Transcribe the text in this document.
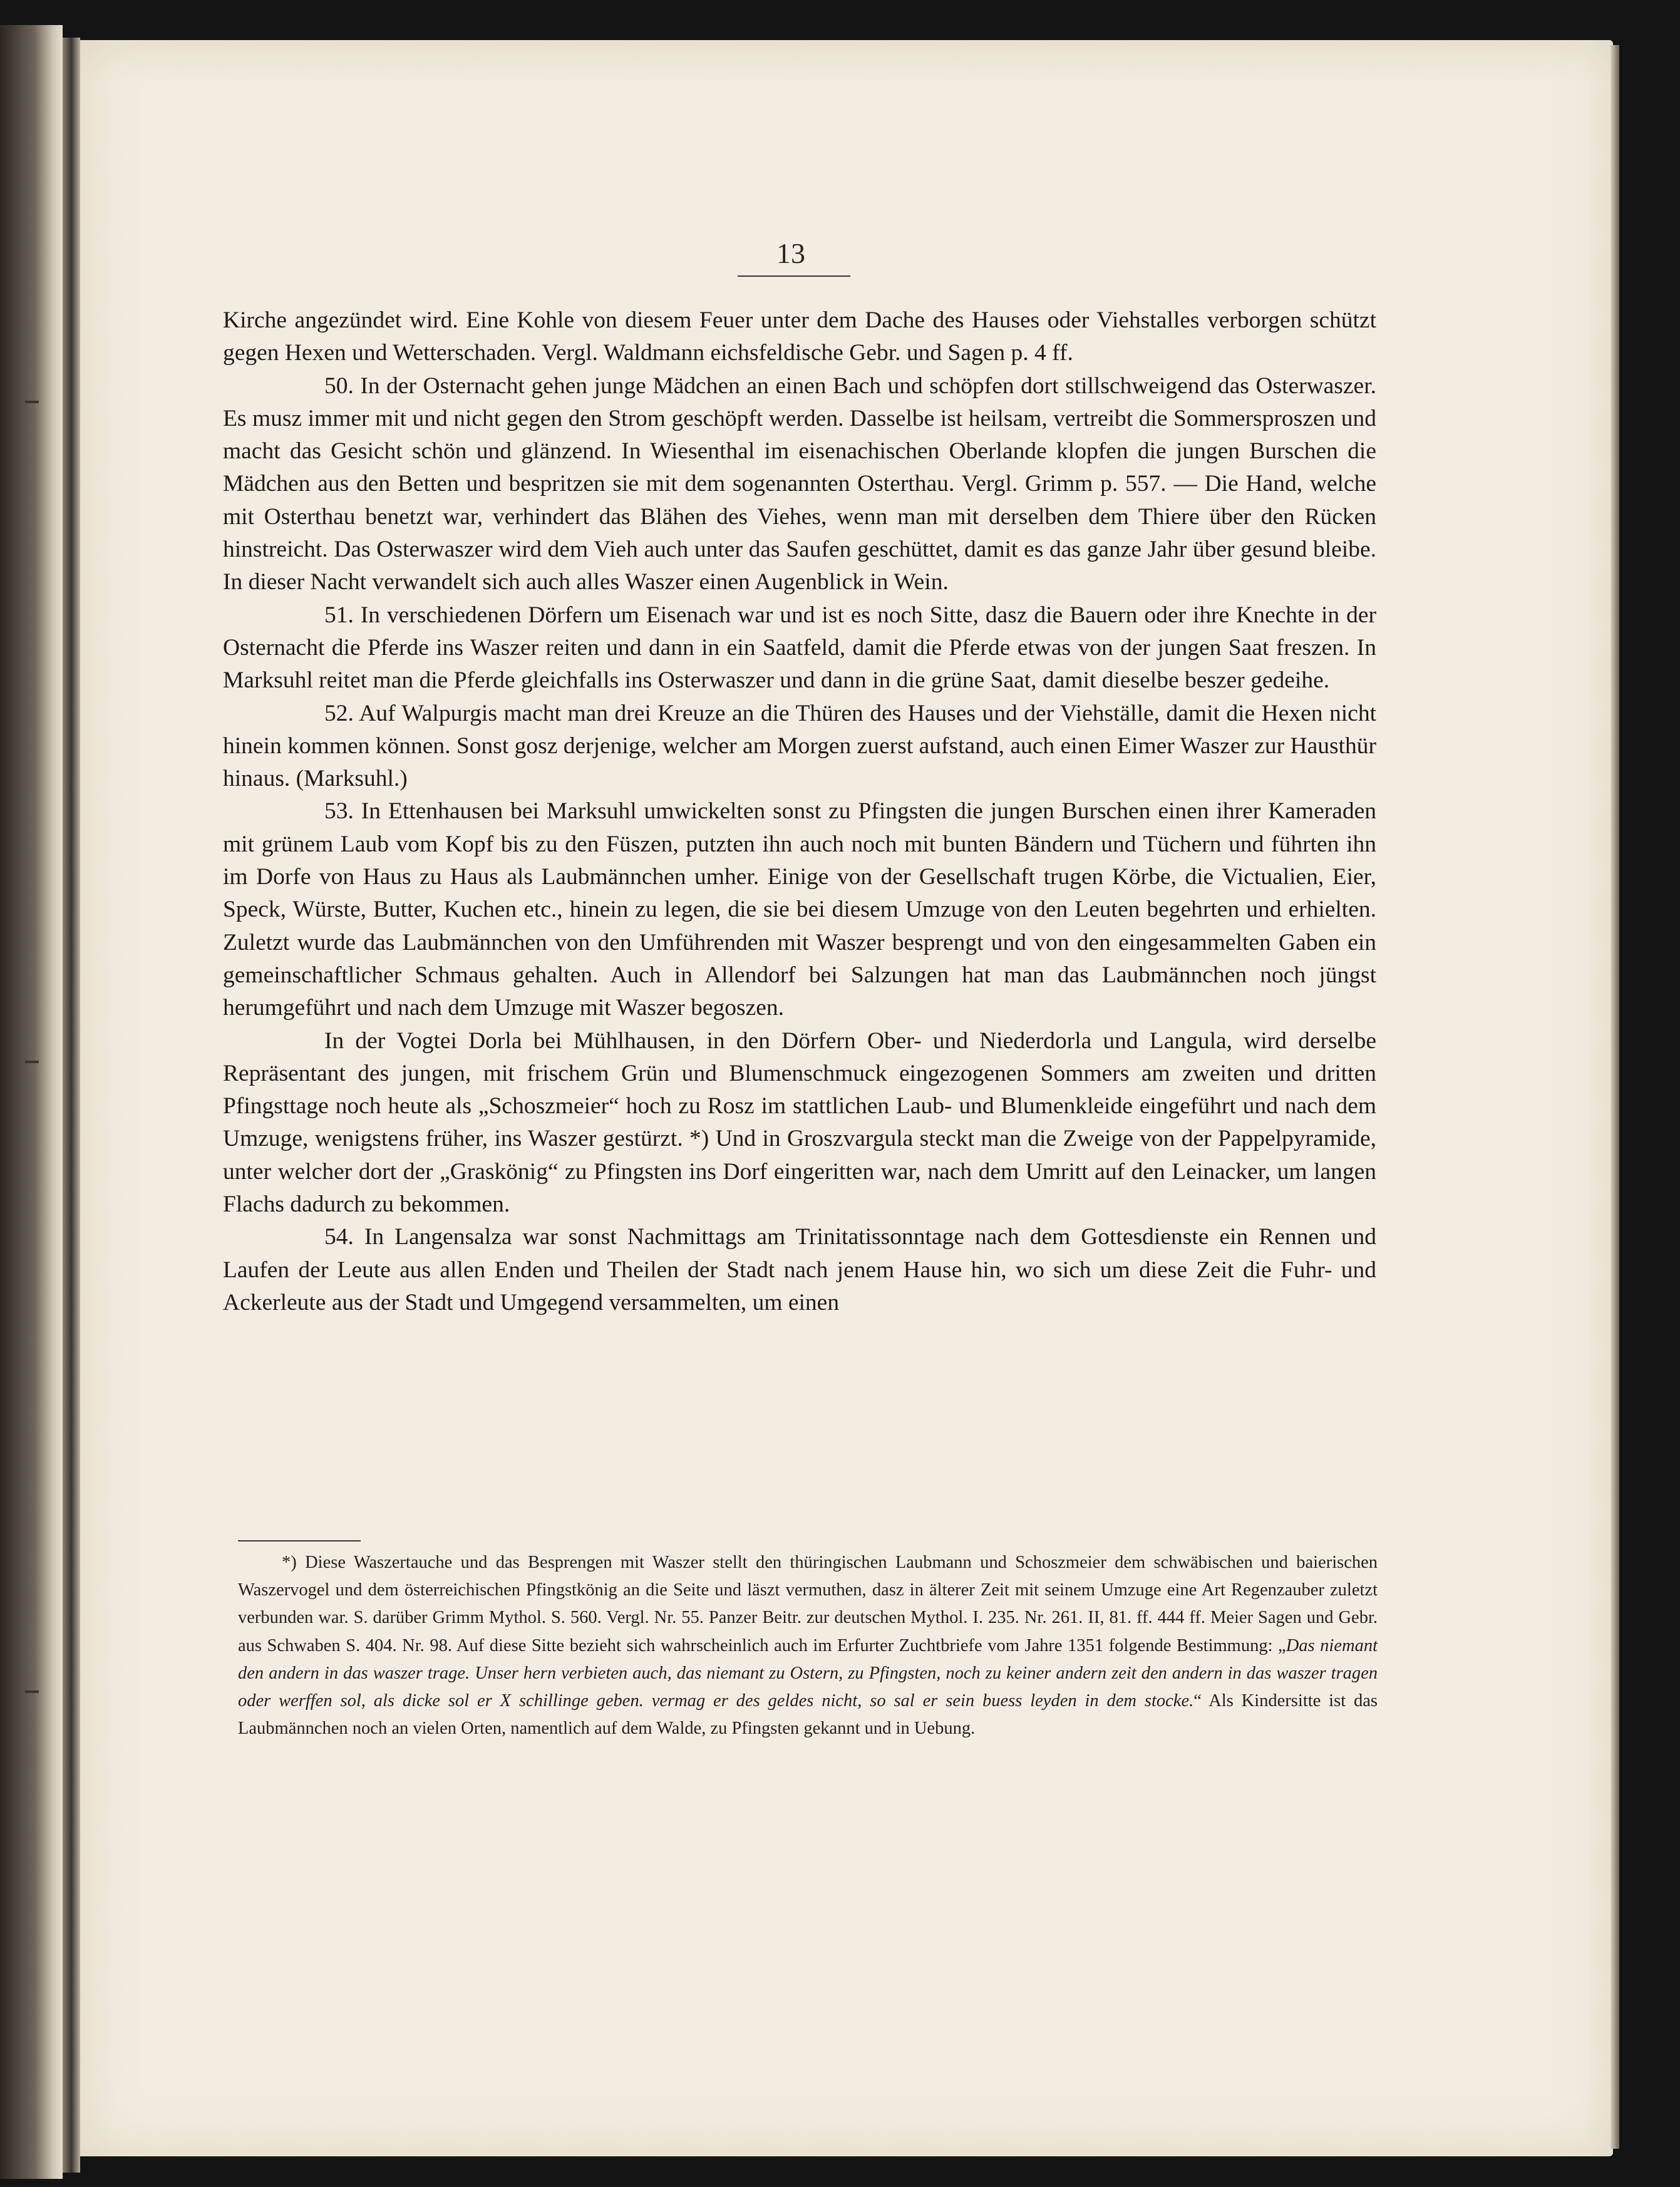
13

Kirche angezündet wird. Eine Kohle von diesem Feuer unter dem Dache des Hauses oder Viehstalles verborgen schützt gegen Hexen und Wetterschaden. Vergl. Waldmann eichsfeldische Gebr. und Sagen p. 4 ff.

50. In der Osternacht gehen junge Mädchen an einen Bach und schöpfen dort stillschweigend das Osterwaszer. Es musz immer mit und nicht gegen den Strom geschöpft werden. Dasselbe ist heilsam, vertreibt die Sommersproszen und macht das Gesicht schön und glänzend. In Wiesenthal im eisenachischen Oberlande klopfen die jungen Burschen die Mädchen aus den Betten und bespritzen sie mit dem sogenannten Osterthau. Vergl. Grimm p. 557. — Die Hand, welche mit Osterthau benetzt war, verhindert das Blähen des Viehes, wenn man mit derselben dem Thiere über den Rücken hinstreicht. Das Osterwaszer wird dem Vieh auch unter das Saufen geschüttet, damit es das ganze Jahr über gesund bleibe. In dieser Nacht verwandelt sich auch alles Waszer einen Augenblick in Wein.

51. In verschiedenen Dörfern um Eisenach war und ist es noch Sitte, dasz die Bauern oder ihre Knechte in der Osternacht die Pferde ins Waszer reiten und dann in ein Saatfeld, damit die Pferde etwas von der jungen Saat freszen. In Marksuhl reitet man die Pferde gleichfalls ins Osterwaszer und dann in die grüne Saat, damit dieselbe beszer gedeihe.

52. Auf Walpurgis macht man drei Kreuze an die Thüren des Hauses und der Viehställe, damit die Hexen nicht hinein kommen können. Sonst gosz derjenige, welcher am Morgen zuerst aufstand, auch einen Eimer Waszer zur Hausthür hinaus. (Marksuhl.)

53. In Ettenhausen bei Marksuhl umwickelten sonst zu Pfingsten die jungen Burschen einen ihrer Kameraden mit grünem Laub vom Kopf bis zu den Füszen, putzten ihn auch noch mit bunten Bändern und Tüchern und führten ihn im Dorfe von Haus zu Haus als Laubmännchen umher. Einige von der Gesellschaft trugen Körbe, die Victualien, Eier, Speck, Würste, Butter, Kuchen etc., hinein zu legen, die sie bei diesem Umzuge von den Leuten begehrten und erhielten. Zuletzt wurde das Laubmännchen von den Umführenden mit Waszer besprengt und von den eingesammelten Gaben ein gemeinschaftlicher Schmaus gehalten. Auch in Allendorf bei Salzungen hat man das Laubmännchen noch jüngst herumgeführt und nach dem Umzuge mit Waszer begoszen.

In der Vogtei Dorla bei Mühlhausen, in den Dörfern Ober- und Niederdorla und Langula, wird derselbe Repräsentant des jungen, mit frischem Grün und Blumenschmuck eingezogenen Sommers am zweiten und dritten Pfingsttage noch heute als „Schoszmeier“ hoch zu Rosz im stattlichen Laub- und Blumenkleide eingeführt und nach dem Umzuge, wenigstens früher, ins Waszer gestürzt. *) Und in Groszvargula steckt man die Zweige von der Pappelpyramide, unter welcher dort der „Graskönig“ zu Pfingsten ins Dorf eingeritten war, nach dem Umritt auf den Leinacker, um langen Flachs dadurch zu bekommen.

54. In Langensalza war sonst Nachmittags am Trinitatissonntage nach dem Gottesdienste ein Rennen und Laufen der Leute aus allen Enden und Theilen der Stadt nach jenem Hause hin, wo sich um diese Zeit die Fuhr- und Ackerleute aus der Stadt und Umgegend versammelten, um einen

*) Diese Waszertauche und das Besprengen mit Waszer stellt den thüringischen Laubmann und Schoszmeier dem schwäbischen und baierischen Waszervogel und dem österreichischen Pfingstkönig an die Seite und läszt vermuthen, dasz in älterer Zeit mit seinem Umzuge eine Art Regenzauber zuletzt verbunden war. S. darüber Grimm Mythol. S. 560. Vergl. Nr. 55. Panzer Beitr. zur deutschen Mythol. I. 235. Nr. 261. II, 81. ff. 444 ff. Meier Sagen und Gebr. aus Schwaben S. 404. Nr. 98. Auf diese Sitte bezieht sich wahrscheinlich auch im Erfurter Zuchtbriefe vom Jahre 1351 folgende Bestimmung: „Das niemant den andern in das waszer trage. Unser hern verbieten auch, das niemant zu Ostern, zu Pfingsten, noch zu keiner andern zeit den andern in das waszer tragen oder werffen sol, als dicke sol er X schillinge geben. vermag er des geldes nicht, so sal er sein buess leyden in dem stocke.“ Als Kindersitte ist das Laubmännchen noch an vielen Orten, namentlich auf dem Walde, zu Pfingsten gekannt und in Uebung.
